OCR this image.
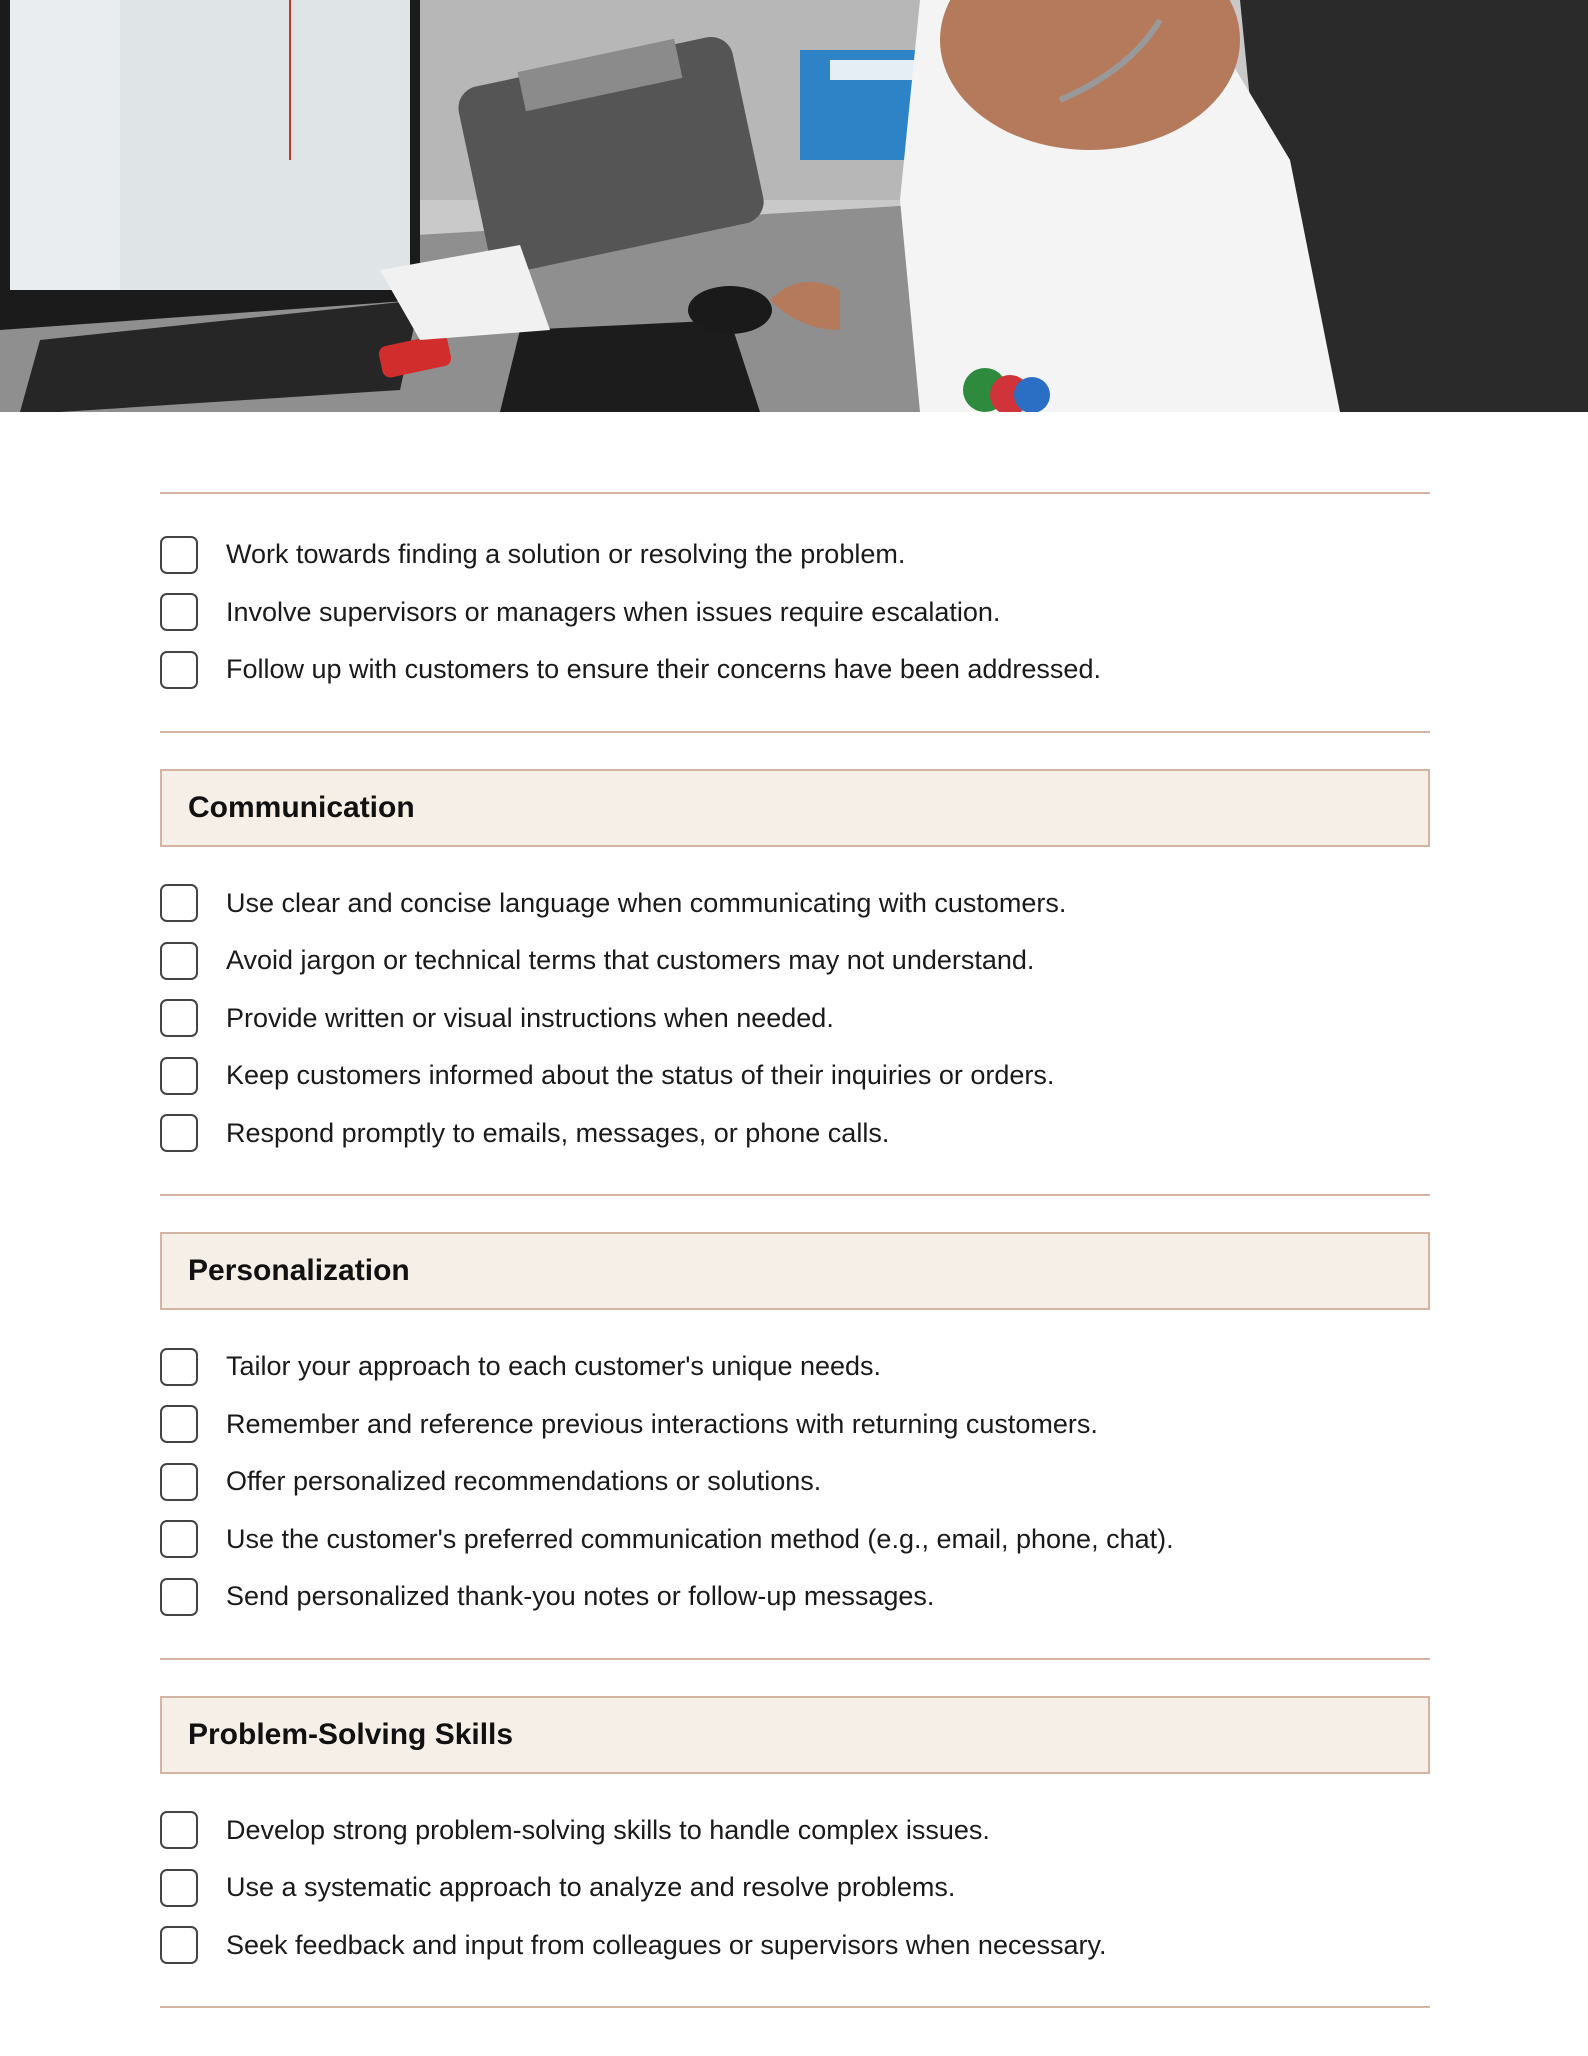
Work towards finding a solution or resolving the problem.
Involve supervisors or managers when issues require escalation.
Follow up with customers to ensure their concerns have been addressed.
Communication
Use clear and concise language when communicating with customers.
Avoid jargon or technical terms that customers may not understand.
Provide written or visual instructions when needed.
Keep customers informed about the status of their inquiries or orders.
Respond promptly to emails, messages, or phone calls.
Personalization
Tailor your approach to each customer's unique needs.
Remember and reference previous interactions with returning customers.
Offer personalized recommendations or solutions.
Use the customer's preferred communication method (e.g., email, phone, chat).
Send personalized thank-you notes or follow-up messages.
Problem-Solving Skills
Develop strong problem-solving skills to handle complex issues.
Use a systematic approach to analyze and resolve problems.
Seek feedback and input from colleagues or supervisors when necessary.
